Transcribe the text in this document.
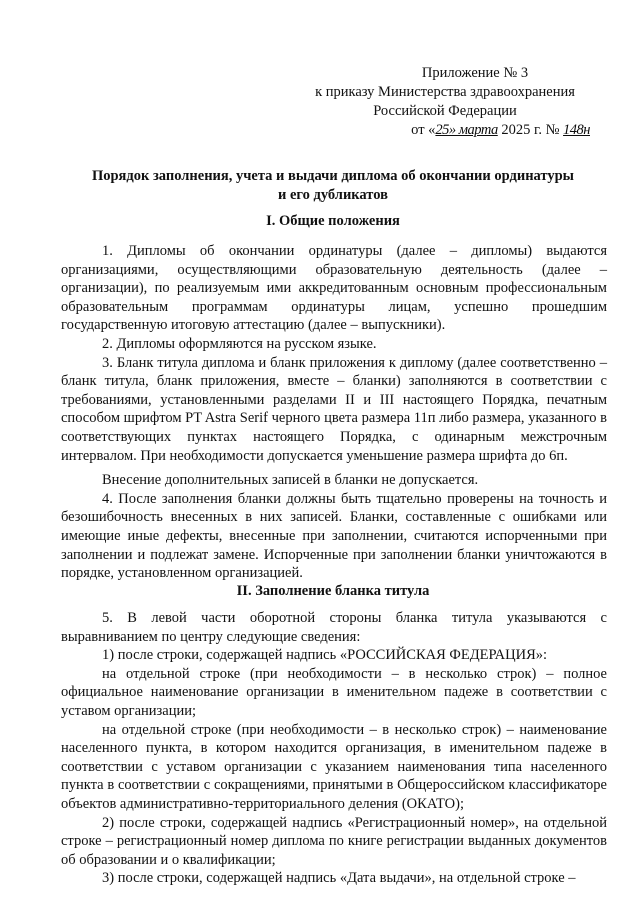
Приложение № 3
к приказу Министерства здравоохранения
Российской Федерации
от «25» марта 2025 г. № 148н
Порядок заполнения, учета и выдачи диплома об окончании ординатуры
и его дубликатов
I. Общие положения

1. Дипломы об окончании ординатуры (далее – дипломы) выдаются организациями, осуществляющими образовательную деятельность (далее – организации), по реализуемым ими аккредитованным основным профессиональным образовательным программам ординатуры лицам, успешно прошедшим государственную итоговую аттестацию (далее – выпускники).

2. Дипломы оформляются на русском языке.

3. Бланк титула диплома и бланк приложения к диплому (далее соответственно – бланк титула, бланк приложения, вместе – бланки) заполняются в соответствии с требованиями, установленными разделами II и III настоящего Порядка, печатным способом шрифтом PT Astra Serif черного цвета размера 11п либо размера, указанного в соответствующих пунктах настоящего Порядка, с одинарным межстрочным интервалом. При необходимости допускается уменьшение размера шрифта до 6п.

Внесение дополнительных записей в бланки не допускается.

4. После заполнения бланки должны быть тщательно проверены на точность и безошибочность внесенных в них записей. Бланки, составленные с ошибками или имеющие иные дефекты, внесенные при заполнении, считаются испорченными при заполнении и подлежат замене. Испорченные при заполнении бланки уничтожаются в порядке, установленном организацией.

II. Заполнение бланка титула

5. В левой части оборотной стороны бланка титула указываются с выравниванием по центру следующие сведения:

1) после строки, содержащей надпись «РОССИЙСКАЯ ФЕДЕРАЦИЯ»:

на отдельной строке (при необходимости – в несколько строк) – полное официальное наименование организации в именительном падеже в соответствии с уставом организации;

на отдельной строке (при необходимости – в несколько строк) – наименование населенного пункта, в котором находится организация, в именительном падеже в соответствии с уставом организации с указанием наименования типа населенного пункта в соответствии с сокращениями, принятыми в Общероссийском классификаторе объектов административно-территориального деления (ОКАТО);

2) после строки, содержащей надпись «Регистрационный номер», на отдельной строке – регистрационный номер диплома по книге регистрации выданных документов об образовании и о квалификации;

3) после строки, содержащей надпись «Дата выдачи», на отдельной строке –
